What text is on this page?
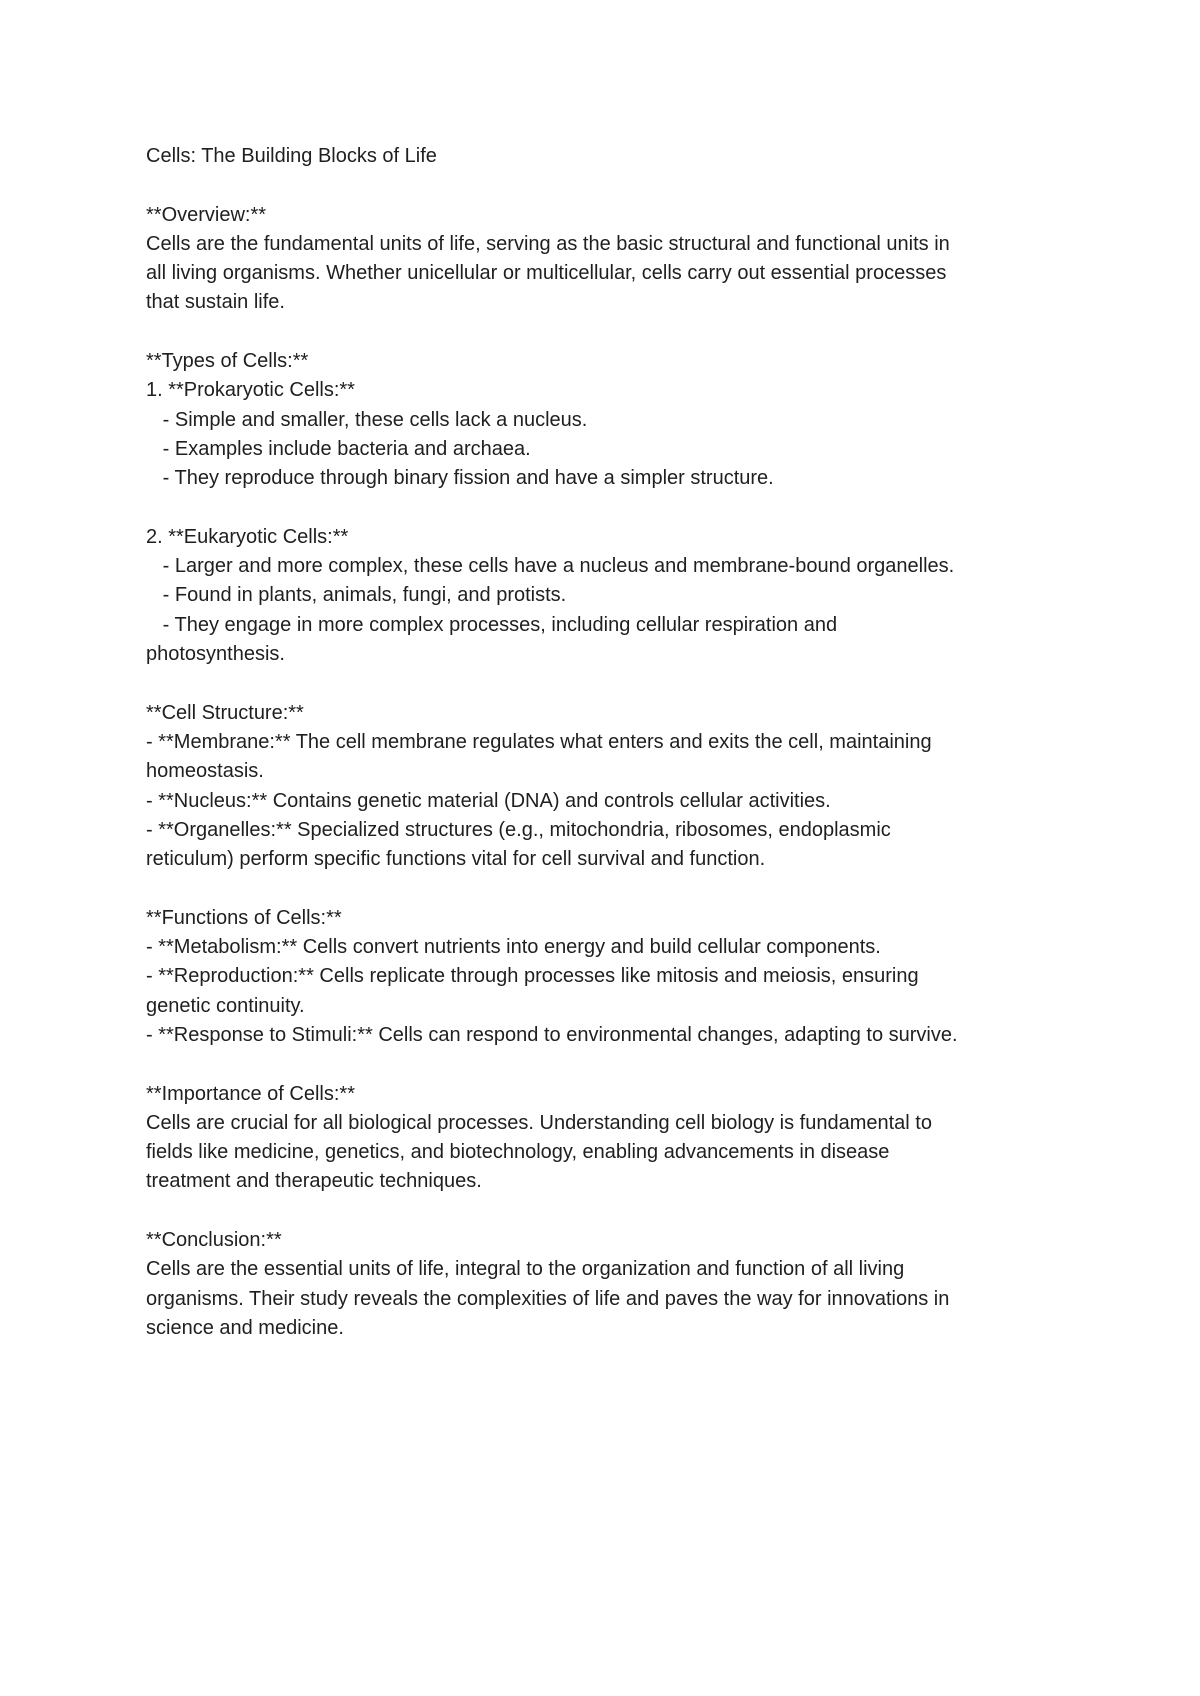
Cells: The Building Blocks of Life
**Overview:**
Cells are the fundamental units of life, serving as the basic structural and functional units in
all living organisms. Whether unicellular or multicellular, cells carry out essential processes
that sustain life.
**Types of Cells:**
1. **Prokaryotic Cells:**
- Simple and smaller, these cells lack a nucleus.
- Examples include bacteria and archaea.
- They reproduce through binary fission and have a simpler structure.
2. **Eukaryotic Cells:**
- Larger and more complex, these cells have a nucleus and membrane-bound organelles.
- Found in plants, animals, fungi, and protists.
- They engage in more complex processes, including cellular respiration and
photosynthesis.
**Cell Structure:**
- **Membrane:** The cell membrane regulates what enters and exits the cell, maintaining
homeostasis.
- **Nucleus:** Contains genetic material (DNA) and controls cellular activities.
- **Organelles:** Specialized structures (e.g., mitochondria, ribosomes, endoplasmic
reticulum) perform specific functions vital for cell survival and function.
**Functions of Cells:**
- **Metabolism:** Cells convert nutrients into energy and build cellular components.
- **Reproduction:** Cells replicate through processes like mitosis and meiosis, ensuring
genetic continuity.
- **Response to Stimuli:** Cells can respond to environmental changes, adapting to survive.
**Importance of Cells:**
Cells are crucial for all biological processes. Understanding cell biology is fundamental to
fields like medicine, genetics, and biotechnology, enabling advancements in disease
treatment and therapeutic techniques.
**Conclusion:**
Cells are the essential units of life, integral to the organization and function of all living
organisms. Their study reveals the complexities of life and paves the way for innovations in
science and medicine.
